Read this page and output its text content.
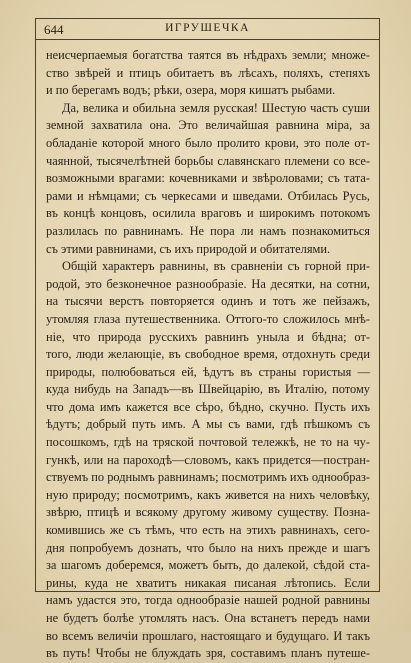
644	ИГРУШЕЧКА
неисчерпаемыя богатства таятся въ нѣдрахъ земли; множе-
ство звѣрей и птицъ обитаетъ въ лѣсахъ, поляхъ, степяхъ
и по берегамъ водъ; рѣки, озера, моря кишатъ рыбами.
Да, велика и обильна земля русская! Шестую часть суши
земной захватила она. Это величайшая равнина міра, за
обладаніе которой много было пролито крови, это поле от-
чаянной, тысячелѣтней борьбы славянскаго племени со все-
возможными врагами: кочевниками и звѣроловами; съ тата-
рами и нѣмцами; съ черкесами и шведами. Отбилась Русь,
въ концѣ концовъ, осилила враговъ и широкимъ потокомъ
разлилась по равнинамъ. Не пора ли намъ познакомиться
съ этими равнинами, съ ихъ природой и обитателями.
Общій характеръ равнины, въ сравненіи съ горной при-
родой, это безконечное разнообразіе. На десятки, на сотни,
на тысячи верстъ повторяется одинъ и тотъ же пейзажъ,
утомляя глаза путешественника. Оттого-то сложилось мнѣ-
ніе, что природа русскихъ равнинъ уныла и бѣдна; от-
того, люди желающіе, въ свободное время, отдохнуть среди
природы, полюбоваться ей, ѣдутъ въ страны гористыя —
куда нибудь на Западъ—въ Швейцарію, въ Италію, потому
что дома имъ кажется все сѣро, бѣдно, скучно. Пусть ихъ
ѣдутъ; добрый путь имъ. А мы съ вами, гдѣ пѣшкомъ съ
посошкомъ, гдѣ на тряской почтовой тележкѣ, не то на чу-
гункѣ, или на пароходѣ—словомъ, какъ придется—постран-
ствуемъ по роднымъ равнинамъ; посмотримъ ихъ однообраз-
ную природу; посмотримъ, какъ живется на нихъ человѣку,
звѣрю, птицѣ и всякому другому живому существу. Позна-
комившись же съ тѣмъ, что есть на этихъ равнинахъ, сего-
дня попробуемъ дознать, что было на нихъ прежде и шагъ
за шагомъ доберемся, можетъ быть, до далекой, сѣдой ста-
рины, куда не хватитъ никакая писаная лѣтопись. Если
намъ удастся это, тогда однообразіе нашей родной равнины
не будетъ болѣе утомлять насъ. Она встанетъ передъ нами
во всемъ величіи прошлаго, настоящаго и будущаго. И такъ
въ путь! Чтобы не блуждать зря, составимъ планъ путеше-
